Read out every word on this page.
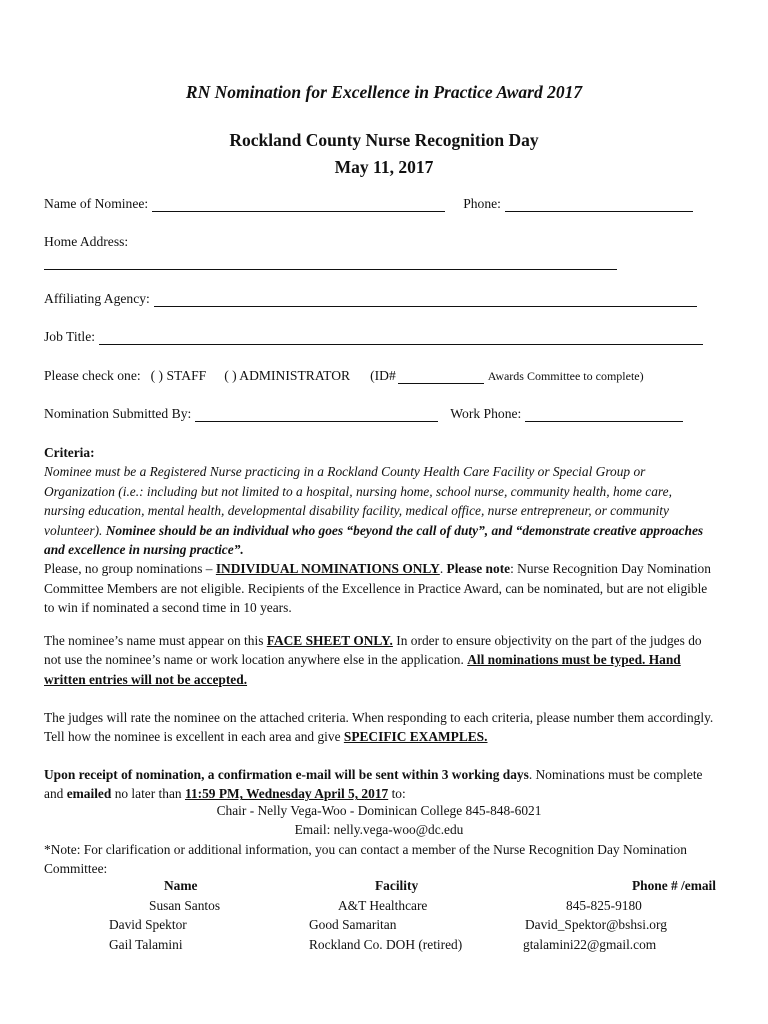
RN Nomination for Excellence in Practice Award 2017
Rockland County Nurse Recognition Day
May 11, 2017
Name of Nominee:	Phone:
Home Address:
Affiliating Agency:
Job Title:
Please check one: ( ) STAFF ( ) ADMINISTRATOR (ID#	Awards Committee to complete)
Nomination Submitted By:	Work Phone:
Criteria:
Nominee must be a Registered Nurse practicing in a Rockland County Health Care Facility or Special Group or Organization (i.e.: including but not limited to a hospital, nursing home, school nurse, community health, home care, nursing education, mental health, developmental disability facility, medical office, nurse entrepreneur, or community volunteer). Nominee should be an individual who goes “beyond the call of duty”, and “demonstrate creative approaches and excellence in nursing practice”.
Please, no group nominations – INDIVIDUAL NOMINATIONS ONLY. Please note: Nurse Recognition Day Nomination Committee Members are not eligible. Recipients of the Excellence in Practice Award, can be nominated, but are not eligible to win if nominated a second time in 10 years.
The nominee’s name must appear on this FACE SHEET ONLY. In order to ensure objectivity on the part of the judges do not use the nominee’s name or work location anywhere else in the application. All nominations must be typed. Hand written entries will not be accepted.
The judges will rate the nominee on the attached criteria. When responding to each criteria, please number them accordingly. Tell how the nominee is excellent in each area and give SPECIFIC EXAMPLES.
Upon receipt of nomination, a confirmation e-mail will be sent within 3 working days. Nominations must be complete and emailed no later than 11:59 PM, Wednesday April 5, 2017 to:
Chair - Nelly Vega-Woo - Dominican College 845-848-6021
Email: nelly.vega-woo@dc.edu
*Note: For clarification or additional information, you can contact a member of the Nurse Recognition Day Nomination Committee:
Name	Facility	Phone # /email
Susan Santos	A&T Healthcare	845-825-9180
David Spektor	Good Samaritan	David_Spektor@bshsi.org
Gail Talamini	Rockland Co. DOH (retired)	gtalamini22@gmail.com
